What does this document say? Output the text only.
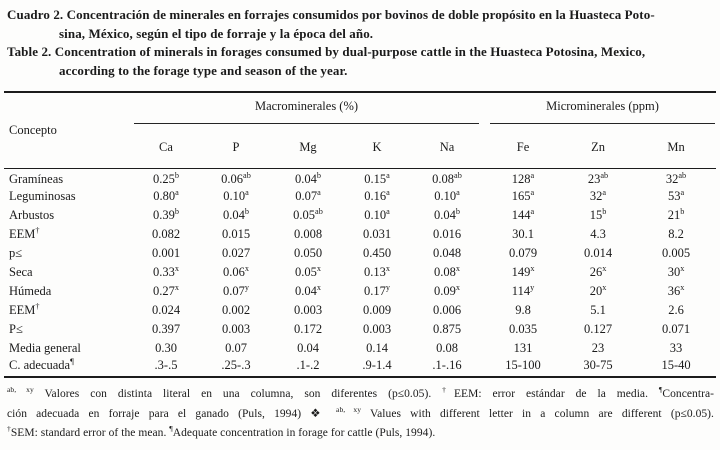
Cuadro 2. Concentración de minerales en forrajes consumidos por bovinos de doble propósito en la Huasteca Poto-

sina, México, según el tipo de forraje y la época del año.

Table 2. Concentration of minerals in forages consumed by dual-purpose cattle in the Huasteca Potosina, Mexico,

according to the forage type and season of the year.

Concepto	Macrominerales (%)					Microminerales (ppm)		

	Ca	P	Mg	K	Na	Fe	Zn	Mn
Gramíneas	0.25$^b$	0.06$^{ab}$	0.04$^b$	0.15$^a$	0.08$^{ab}$	128$^a$	$23^{ab}$	$32^{ab}$
Leguminosas	0.80$^a$	0.10$^a$	0.07$^a$	0.16$^a$	0.10$^a$	165$^a$	32$^a$	53$^a$
Arbustos	0.39$^b$	0.04$^b$	0.05$^{ab}$	0.10$^a$	0.04$^b$	144$^a$	15$^b$	21$^b$
EEM†	0.082	0.015	0.008	0.031	0.016	30.1	4.3	8.2
p≤	0.001	0.027	0.050	0.450	0.048	0.079	0.014	0.005
Seca	0.33$^x$	0.06$^x$	0.05$^x$	0.13$^x$	0.08$^x$	149$^x$	26$^x$	30$^x$
Húmeda	0.27$^x$	0.07$^y$	0.04$^x$	0.17$^y$	0.09$^x$	114$^y$	20$^x$	36$^x$
EEM†	0.024	0.002	0.003	0.009	0.006	9.8	5.1	2.6
P≤	0.397	0.003	0.172	0.003	0.875	0.035	0.127	0.071
Media general	0.30	0.07	0.04	0.14	0.08	131	23	33
C. adecuada¶	.3-.5	.25-.3	.1-.2	.9-1.4	.1-.16	15-100	30-75	15-40

$^{ab, xy}$ Valores con distinta literal en una columna, son diferentes (p≤0.05). †EEM: error estándar de la media. ¶Concentra-

ción adecuada en forraje para el ganado (Puls, 1994) ❖ $^{ab, xy}$ Values with different letter in a column are different (p≤0.05).

†SEM: standard error of the mean. ¶Adequate concentration in forage for cattle (Puls, 1994).
